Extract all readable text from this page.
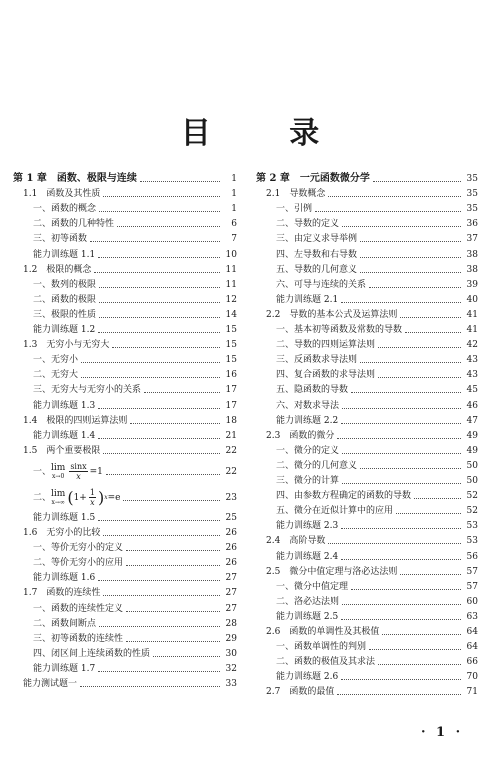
目 录
第 1 章　函数、极限与连续	1
1.1　函数及其性质	1
一、函数的概念	1
二、函数的几种特性	6
三、初等函数	7
能力训练题 1.1	10
1.2　极限的概念	11
一、数列的极限	11
二、函数的极限	12
三、极限的性质	14
能力训练题 1.2	15
1.3　无穷小与无穷大	15
一、无穷小	15
二、无穷大	16
三、无穷大与无穷小的关系	17
能力训练题 1.3	17
1.4　极限的四则运算法则	18
能力训练题 1.4	21
1.5　两个重要极限	22
一、 lim
$x\to 0 \frac{\sin x}{x} =1$	22
二、 lim
x→∞ ( $1+ \frac{1}{x}$ ) x =e	23
能力训练题 1.5	25
1.6　无穷小的比较	26
一、等价无穷小的定义	26
二、等价无穷小的应用	26
能力训练题 1.6	27
1.7　函数的连续性	27
一、函数的连续性定义	27
二、函数间断点	28
三、初等函数的连续性	29
四、闭区间上连续函数的性质	30
能力训练题 1.7	32
能力测试题一	33
第 2 章　一元函数微分学	35
2.1　导数概念	35
一、引例	35
二、导数的定义	36
三、由定义求导举例	37
四、左导数和右导数	38
五、导数的几何意义	38
六、可导与连续的关系	39
能力训练题 2.1	40
2.2　导数的基本公式及运算法则	41
一、基本初等函数及常数的导数	41
二、导数的四则运算法则	42
三、反函数求导法则	43
四、复合函数的求导法则	43
五、隐函数的导数	45
六、对数求导法	46
能力训练题 2.2	47
2.3　函数的微分	49
一、微分的定义	49
二、微分的几何意义	50
三、微分的计算	50
四、由参数方程确定的函数的导数	52
五、微分在近似计算中的应用	52
能力训练题 2.3	53
2.4　高阶导数	53
能力训练题 2.4	56
2.5　微分中值定理与洛必达法则	57
一、微分中值定理	57
二、洛必达法则	60
能力训练题 2.5	63
2.6　函数的单调性及其极值	64
一、函数单调性的判别	64
二、函数的极值及其求法	66
能力训练题 2.6	70
2.7　函数的最值	71
· 1 ·
